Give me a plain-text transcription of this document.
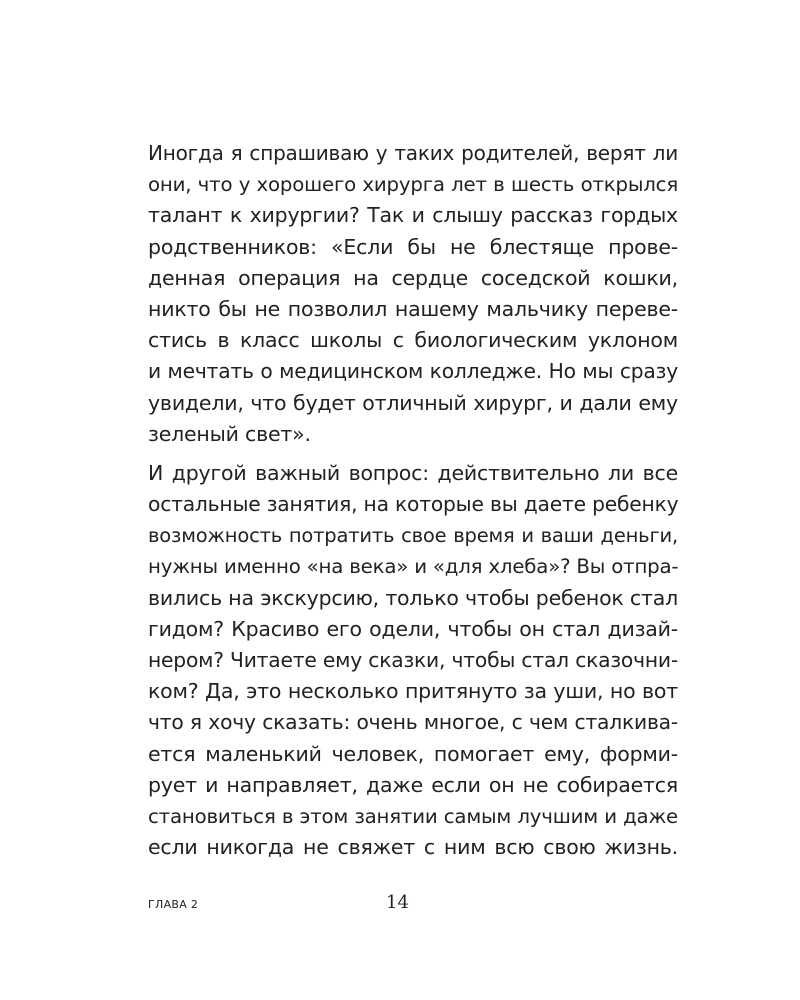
Иногда я спрашиваю у таких родителей, верят ли
они, что у хорошего хирурга лет в шесть открылся
талант к хирургии? Так и слышу рассказ гордых
родственников: «Если бы не блестяще прове-
денная операция на сердце соседской кошки,
никто бы не позволил нашему мальчику переве-
стись в класс школы с биологическим уклоном
и мечтать о медицинском колледже. Но мы сразу
увидели, что будет отличный хирург, и дали ему
зеленый свет».
И другой важный вопрос: действительно ли все
остальные занятия, на которые вы даете ребенку
возможность потратить свое время и ваши деньги,
нужны именно «на века» и «для хлеба»? Вы отпра-
вились на экскурсию, только чтобы ребенок стал
гидом? Красиво его одели, чтобы он стал дизай-
нером? Читаете ему сказки, чтобы стал сказочни-
ком? Да, это несколько притянуто за уши, но вот
что я хочу сказать: очень многое, с чем сталкива-
ется маленький человек, помогает ему, форми-
рует и направляет, даже если он не собирается
становиться в этом занятии самым лучшим и даже
если никогда не свяжет с ним всю свою жизнь.
ГЛАВА 2	14
